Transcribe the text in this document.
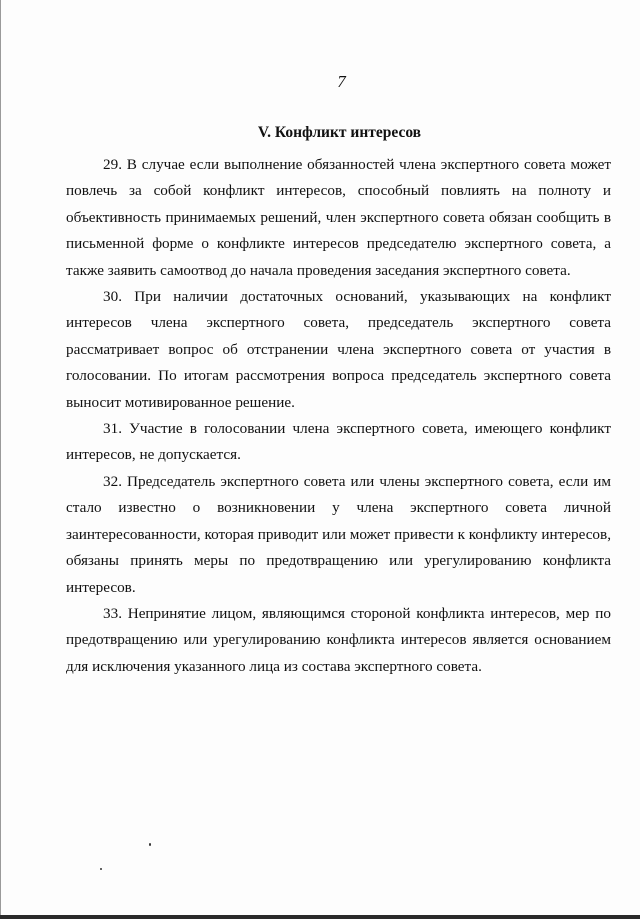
7
V. Конфликт интересов

29. В случае если выполнение обязанностей члена экспертного совета может повлечь за собой конфликт интересов, способный повлиять на полноту и объективность принимаемых решений, член экспертного совета обязан сообщить в письменной форме о конфликте интересов председателю экспертного совета, а также заявить самоотвод до начала проведения заседания экспертного совета.

30. При наличии достаточных оснований, указывающих на конфликт интересов члена экспертного совета, председатель экспертного совета рассматривает вопрос об отстранении члена экспертного совета от участия в голосовании. По итогам рассмотрения вопроса председатель экспертного совета выносит мотивированное решение.

31. Участие в голосовании члена экспертного совета, имеющего конфликт интересов, не допускается.

32. Председатель экспертного совета или члены экспертного совета, если им стало известно о возникновении у члена экспертного совета личной заинтересованности, которая приводит или может привести к конфликту интересов, обязаны принять меры по предотвращению или урегулированию конфликта интересов.

33. Непринятие лицом, являющимся стороной конфликта интересов, мер по предотвращению или урегулированию конфликта интересов является основанием для исключения указанного лица из состава экспертного совета.
